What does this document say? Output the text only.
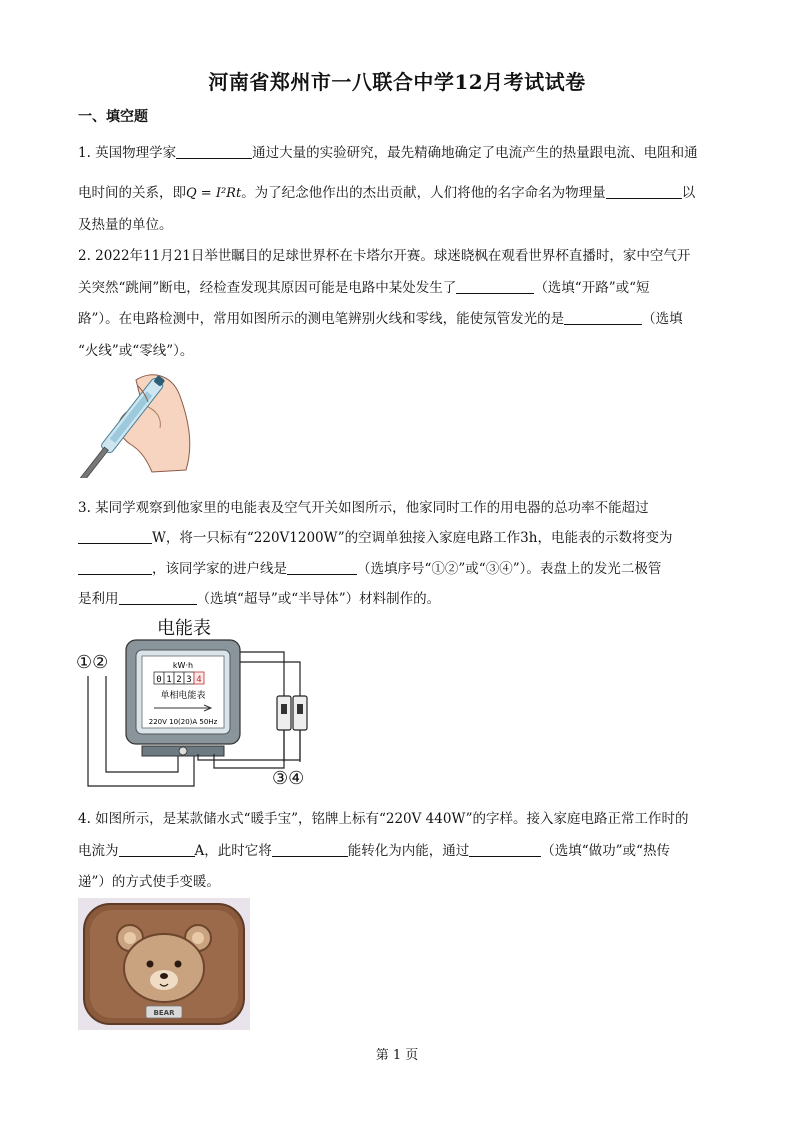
河南省郑州市一八联合中学12月考试试卷
一、填空题
1. 英国物理学家	通过大量的实验研究，最先精确地确定了电流产生的热量跟电流、电阻和通
电时间的关系，即Q = I²Rt。为了纪念他作出的杰出贡献，人们将他的名字命名为物理量	以
及热量的单位。
2. 2022年11月21日举世瞩目的足球世界杯在卡塔尔开赛。球迷晓枫在观看世界杯直播时，家中空气开
关突然“跳闸”断电，经检查发现其原因可能是电路中某处发生了	（选填“开路”或“短
路”）。在电路检测中，常用如图所示的测电笔辨别火线和零线，能使氖管发光的是	（选填
“火线”或“零线”）。
3. 某同学观察到他家里的电能表及空气开关如图所示，他家同时工作的用电器的总功率不能超过
W，将一只标有“220V1200W”的空调单独接入家庭电路工作3h，电能表的示数将变为
，该同学家的进户线是	（选填序号“①②”或“③④”）。表盘上的发光二极管
是利用	（选填“超导”或“半导体”）材料制作的。
电能表
①②	kW·h
0 1 2 3 4
单相电能表
220V 10(20)A 50Hz
③④
4. 如图所示，是某款储水式“暖手宝”，铭牌上标有“220V 440W”的字样。接入家庭电路正常工作时的
电流为	A，此时它将	能转化为内能，通过	（选填“做功”或“热传
递”）的方式使手变暖。
BEAR
第 1 页
